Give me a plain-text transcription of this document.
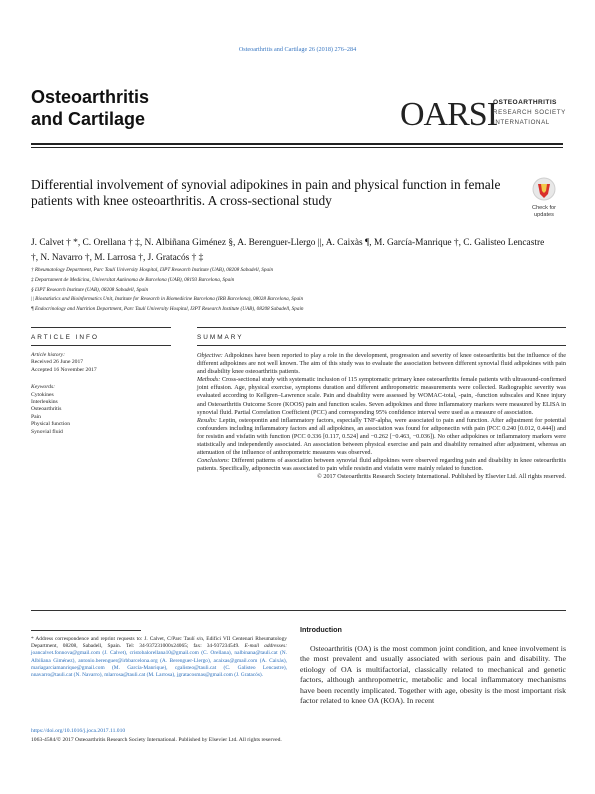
Osteoarthritis and Cartilage 26 (2018) 276–284
Osteoarthritis
and Cartilage	OARSI
OSTEOARTHRITIS
RESEARCH SOCIETY
INTERNATIONAL
Differential involvement of synovial adipokines in pain and physical function in female patients with knee osteoarthritis. A cross-sectional study	Check for
updates
J. Calvet † *, C. Orellana † ‡, N. Albiñana Giménez §, A. Berenguer-Llergo ||, A. Caixàs ¶, M. García-Manrique †, C. Galisteo Lencastre †, N. Navarro †, M. Larrosa †, J. Gratacós † ‡
† Rheumatology Department, Parc Taulí University Hospital, I3PT Research Institute (UAB), 08208 Sabadell, Spain
‡ Departament de Medicina, Universitat Autònoma de Barcelona (UAB), 08193 Barcelona, Spain
§ I3PT Research Institute (UAB), 08208 Sabadell, Spain
|| Biostatistics and Bioinformatics Unit, Institute for Research in Biomedicine Barcelona (IRB Barcelona), 08028 Barcelona, Spain
¶ Endocrinology and Nutrition Department, Parc Taulí University Hospital, I3PT Research Institute (UAB), 08208 Sabadell, Spain
ARTICLE INFO	SUMMARY
Article history:
Received 26 June 2017
Accepted 16 November 2017
Keywords:
Cytokines
Interleukins
Osteoarthritis
Pain
Physical function
Synovial fluid

Objective: Adipokines have been reported to play a role in the development, progression and severity of knee osteoarthritis but the influence of the different adipokines are not well known. The aim of this study was to evaluate the association between different synovial fluid adipokines with pain and disability knee osteoarthritis patients.

Methods: Cross-sectional study with systematic inclusion of 115 symptomatic primary knee osteoarthritis female patients with ultrasound-confirmed joint effusion. Age, physical exercise, symptoms duration and different anthropometric measurements were collected. Radiographic severity was evaluated according to Kellgren–Lawrence scale. Pain and disability were assessed by WOMAC-total, -pain, -function subscales and Knee injury and Osteoarthritis Outcome Score (KOOS) pain and function scales. Seven adipokines and three inflammatory markers were measured by ELISA in synovial fluid. Partial Correlation Coefficient (PCC) and corresponding 95% confidence interval were used as a measure of association.

Results: Leptin, osteopontin and inflammatory factors, especially TNF-alpha, were associated to pain and function. After adjustment for potential confounders including inflammatory factors and all adipokines, an association was found for adiponectin with pain (PCC 0.240 [0.012, 0.444]) and for resistin and visfatin with function (PCC 0.336 [0.117, 0.524] and −0.262 [−0.463, −0.036]). No other adipokines or inflammatory markers were statistically and independently associated. An association between physical exercise and pain and disability remained after adjustment, whereas an attenuation of the influence of anthropometric measures was observed.

Conclusions: Different patterns of association between synovial fluid adipokines were observed regarding pain and disability in knee osteoarthritis patients. Specifically, adiponectin was associated to pain while resistin and visfatin were mainly related to function.

© 2017 Osteoarthritis Research Society International. Published by Elsevier Ltd. All rights reserved.

* Address correspondence and reprint requests to: J. Calvet, C/Parc Taulí s/n, Edifici VII Centenari Rheumatology Department, 08208, Sabadell, Spain. Tel: 34-937231000x24065; fax: 34-937234549. E-mail addresses: joancalvet.fonnova@gmail.com (J. Calvet), cristobalorellana10@gmail.com (C. Orellana), nalbinana@tauli.cat (N. Albiñana Giménez), antonio.berenguer@irbbarcelona.org (A. Berenguer-Llergo), acaixas@gmail.com (A. Caixàs), mariagarciamanrique@gmail.com (M. García-Manrique), cgalisteo@tauli.cat (C. Galisteo Lencastre), nnavarro@tauli.cat (N. Navarro), mlarrosa@tauli.cat (M. Larrosa), jgratacosmas@gmail.com (J. Gratacós).
Introduction
Osteoarthritis (OA) is the most common joint condition, and knee involvement is the most prevalent and usually associated with serious pain and disability. The etiology of OA is multifactorial, classically related to mechanical and genetic factors, although anthropometric, metabolic and local inflammatory mechanisms have been recently implicated. Together with age, obesity is the most important risk factor related to knee OA (KOA). In recent
https://doi.org/10.1016/j.joca.2017.11.010
1063-4584/© 2017 Osteoarthritis Research Society International. Published by Elsevier Ltd. All rights reserved.
